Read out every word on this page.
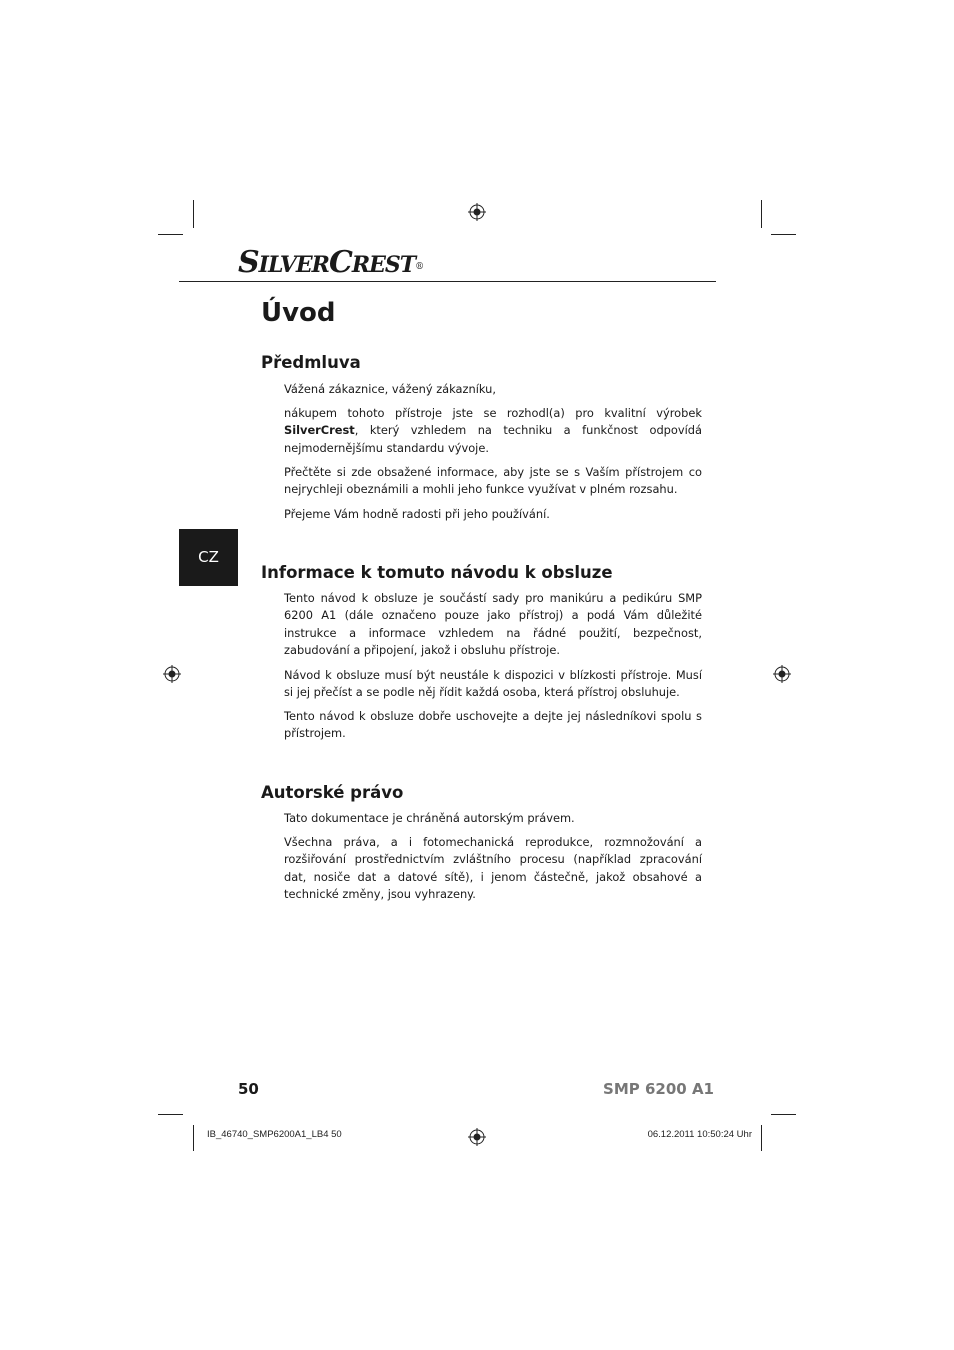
SILVERCREST®
Úvod
Předmluva

Vážená zákaznice, vážený zákazníku,

nákupem tohoto přístroje jste se rozhodl(a) pro kvalitní výrobek SilverCrest, který vzhledem na techniku a funkčnost odpovídá nejmodernějšímu standardu vývoje.

Přečtěte si zde obsažené informace, aby jste se s Vaším přístrojem co nejrychleji obeznámili a mohli jeho funkce využívat v plném rozsahu.

Přejeme Vám hodně radosti při jeho používání.

CZ
Informace k tomuto návodu k obsluze

Tento návod k obsluze je součástí sady pro manikúru a pedikúru SMP 6200 A1 (dále označeno pouze jako přístroj) a podá Vám důležité instrukce a informace vzhledem na řádné použití, bezpečnost, zabudování a připojení, jakož i obsluhu přístroje.

Návod k obsluze musí být neustále k dispozici v blízkosti přístroje. Musí si jej přečíst a se podle něj řídit každá osoba, která přístroj obsluhuje.

Tento návod k obsluze dobře uschovejte a dejte jej následníkovi spolu s přístrojem.

Autorské právo

Tato dokumentace je chráněná autorským právem.

Všechna práva, a i fotomechanická reprodukce, rozmnožování a rozšiřování prostřednictvím zvláštního procesu (například zpracování dat, nosiče dat a datové sítě), i jenom částečně, jakož obsahové a technické změny, jsou vyhrazeny.

50	SMP 6200 A1
IB_46740_SMP6200A1_LB4 50	06.12.2011 10:50:24 Uhr
